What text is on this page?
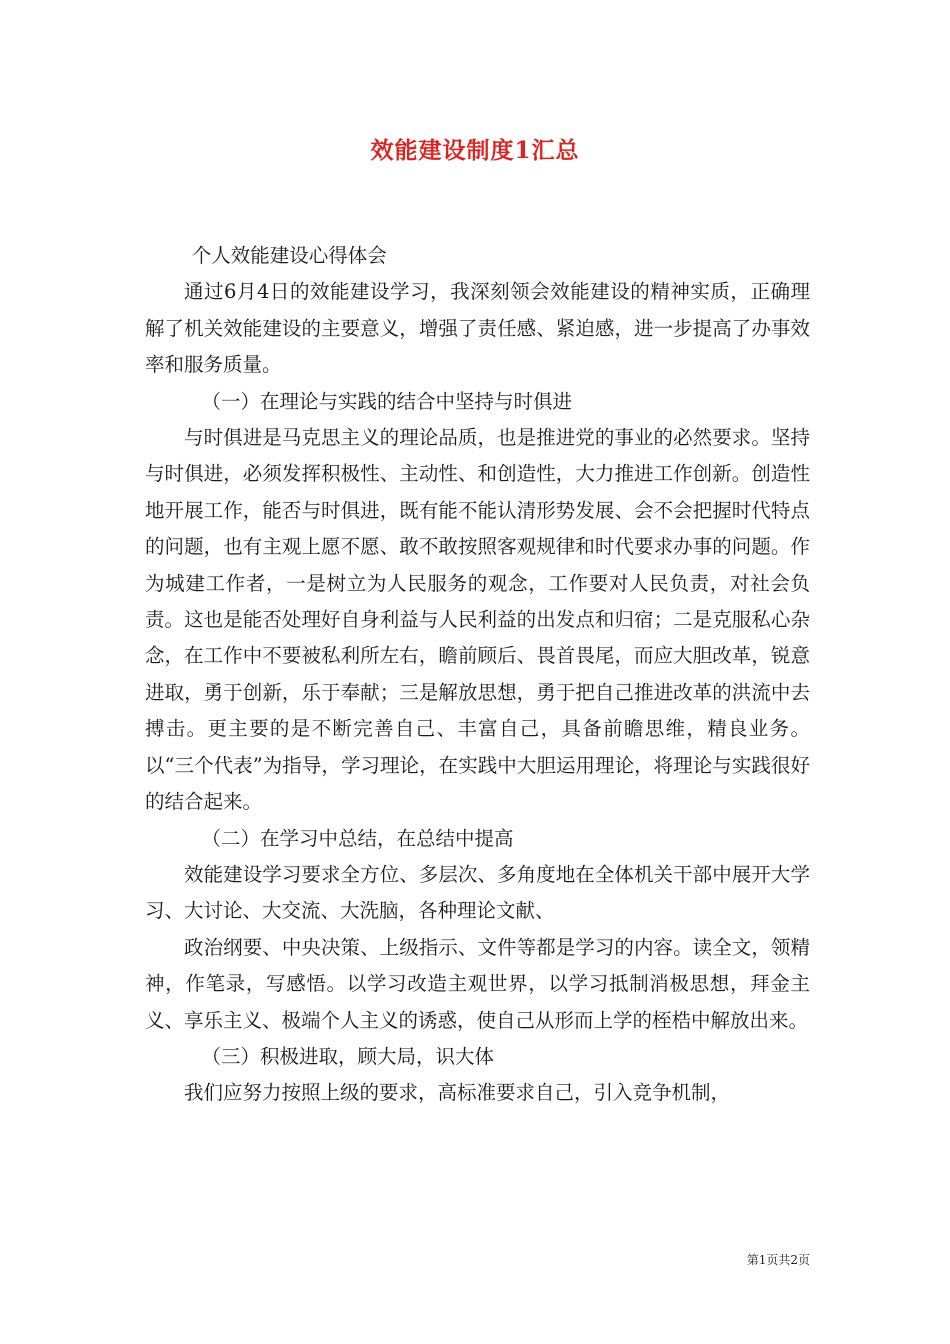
效能建设制度1汇总

个人效能建设心得体会

通过6月4日的效能建设学习，我深刻领会效能建设的精神实质，正确理解了机关效能建设的主要意义，增强了责任感、紧迫感，进一步提高了办事效率和服务质量。

（一）在理论与实践的结合中坚持与时俱进

与时俱进是马克思主义的理论品质，也是推进党的事业的必然要求。坚持与时俱进，必须发挥积极性、主动性、和创造性，大力推进工作创新。创造性地开展工作，能否与时俱进，既有能不能认清形势发展、会不会把握时代特点的问题，也有主观上愿不愿、敢不敢按照客观规律和时代要求办事的问题。作为城建工作者，一是树立为人民服务的观念，工作要对人民负责，对社会负责。这也是能否处理好自身利益与人民利益的出发点和归宿；二是克服私心杂念，在工作中不要被私利所左右，瞻前顾后、畏首畏尾，而应大胆改革，锐意进取，勇于创新，乐于奉献；三是解放思想，勇于把自己推进改革的洪流中去搏击。更主要的是不断完善自己、丰富自己，具备前瞻思维，精良业务。以“三个代表”为指导，学习理论，在实践中大胆运用理论，将理论与实践很好的结合起来。

（二）在学习中总结，在总结中提高

效能建设学习要求全方位、多层次、多角度地在全体机关干部中展开大学习、大讨论、大交流、大洗脑，各种理论文献、

政治纲要、中央决策、上级指示、文件等都是学习的内容。读全文，领精神，作笔录，写感悟。以学习改造主观世界，以学习抵制消极思想，拜金主义、享乐主义、极端个人主义的诱惑，使自己从形而上学的桎梏中解放出来。

（三）积极进取，顾大局，识大体

我们应努力按照上级的要求，高标准要求自己，引入竞争机制，

第1页共2页
